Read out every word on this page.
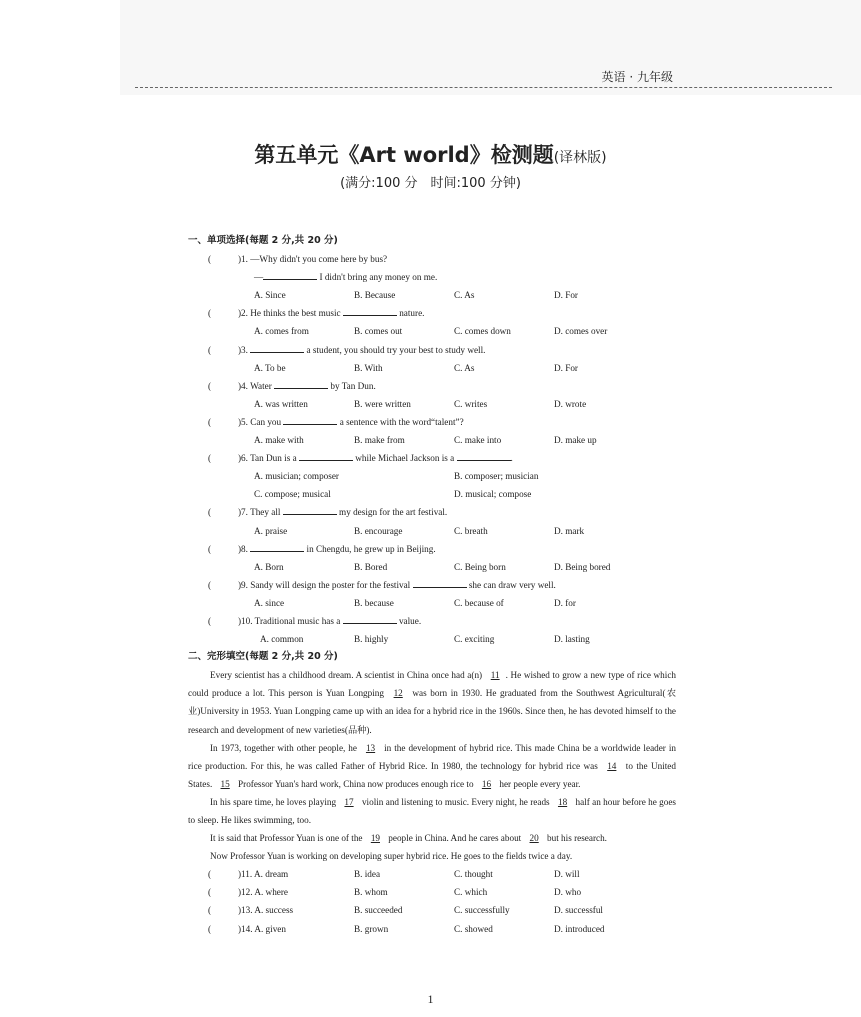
英语 · 九年级
第五单元《Art world》检测题(译林版)
(满分:100 分　时间:100 分钟)
一、单项选择(每题 2 分,共 20 分)
(	)1. —Why didn't you come here by bus?
—	I didn't bring any money on me.
A. Since	B. Because	C. As	D. For
(	)2. He thinks the best music	nature.
A. comes from	B. comes out	C. comes down	D. comes over
(	)3.	a student, you should try your best to study well.
A. To be	B. With	C. As	D. For
(	)4. Water	by Tan Dun.
A. was written	B. were written	C. writes	D. wrote
(	)5. Can you	a sentence with the word“talent”?
A. make with	B. make from	C. make into	D. make up
(	)6. Tan Dun is a	while Michael Jackson is a	.
A. musician; composer	B. composer; musician
C. compose; musical	D. musical; compose
(	)7. They all	my design for the art festival.
A. praise	B. encourage	C. breath	D. mark
(	)8.	in Chengdu, he grew up in Beijing.
A. Born	B. Bored	C. Being born	D. Being bored
(	)9. Sandy will design the poster for the festival	she can draw very well.
A. since	B. because	C. because of	D. for
(	)10. Traditional music has a	value.
A. common	B. highly	C. exciting	D. lasting
二、完形填空(每题 2 分,共 20 分)

Every scientist has a childhood dream. A scientist in China once had a(n) 11 . He wished to grow a new type of rice which could produce a lot. This person is Yuan Longping 12 was born in 1930. He graduated from the Southwest Agricultural(农业)University in 1953. Yuan Longping came up with an idea for a hybrid rice in the 1960s. Since then, he has devoted himself to the research and development of new varieties(品种).

In 1973, together with other people, he 13 in the development of hybrid rice. This made China be a worldwide leader in rice production. For this, he was called Father of Hybrid Rice. In 1980, the technology for hybrid rice was 14 to the United States. 15 Professor Yuan's hard work, China now produces enough rice to 16 her people every year.

In his spare time, he loves playing 17 violin and listening to music. Every night, he reads 18 half an hour before he goes to sleep. He likes swimming, too.

It is said that Professor Yuan is one of the 19 people in China. And he cares about 20 but his research.

Now Professor Yuan is working on developing super hybrid rice. He goes to the fields twice a day.

(	)11. A. dream	B. idea	C. thought	D. will
(	)12. A. where	B. whom	C. which	D. who
(	)13. A. success	B. succeeded	C. successfully	D. successful
(	)14. A. given	B. grown	C. showed	D. introduced
1
